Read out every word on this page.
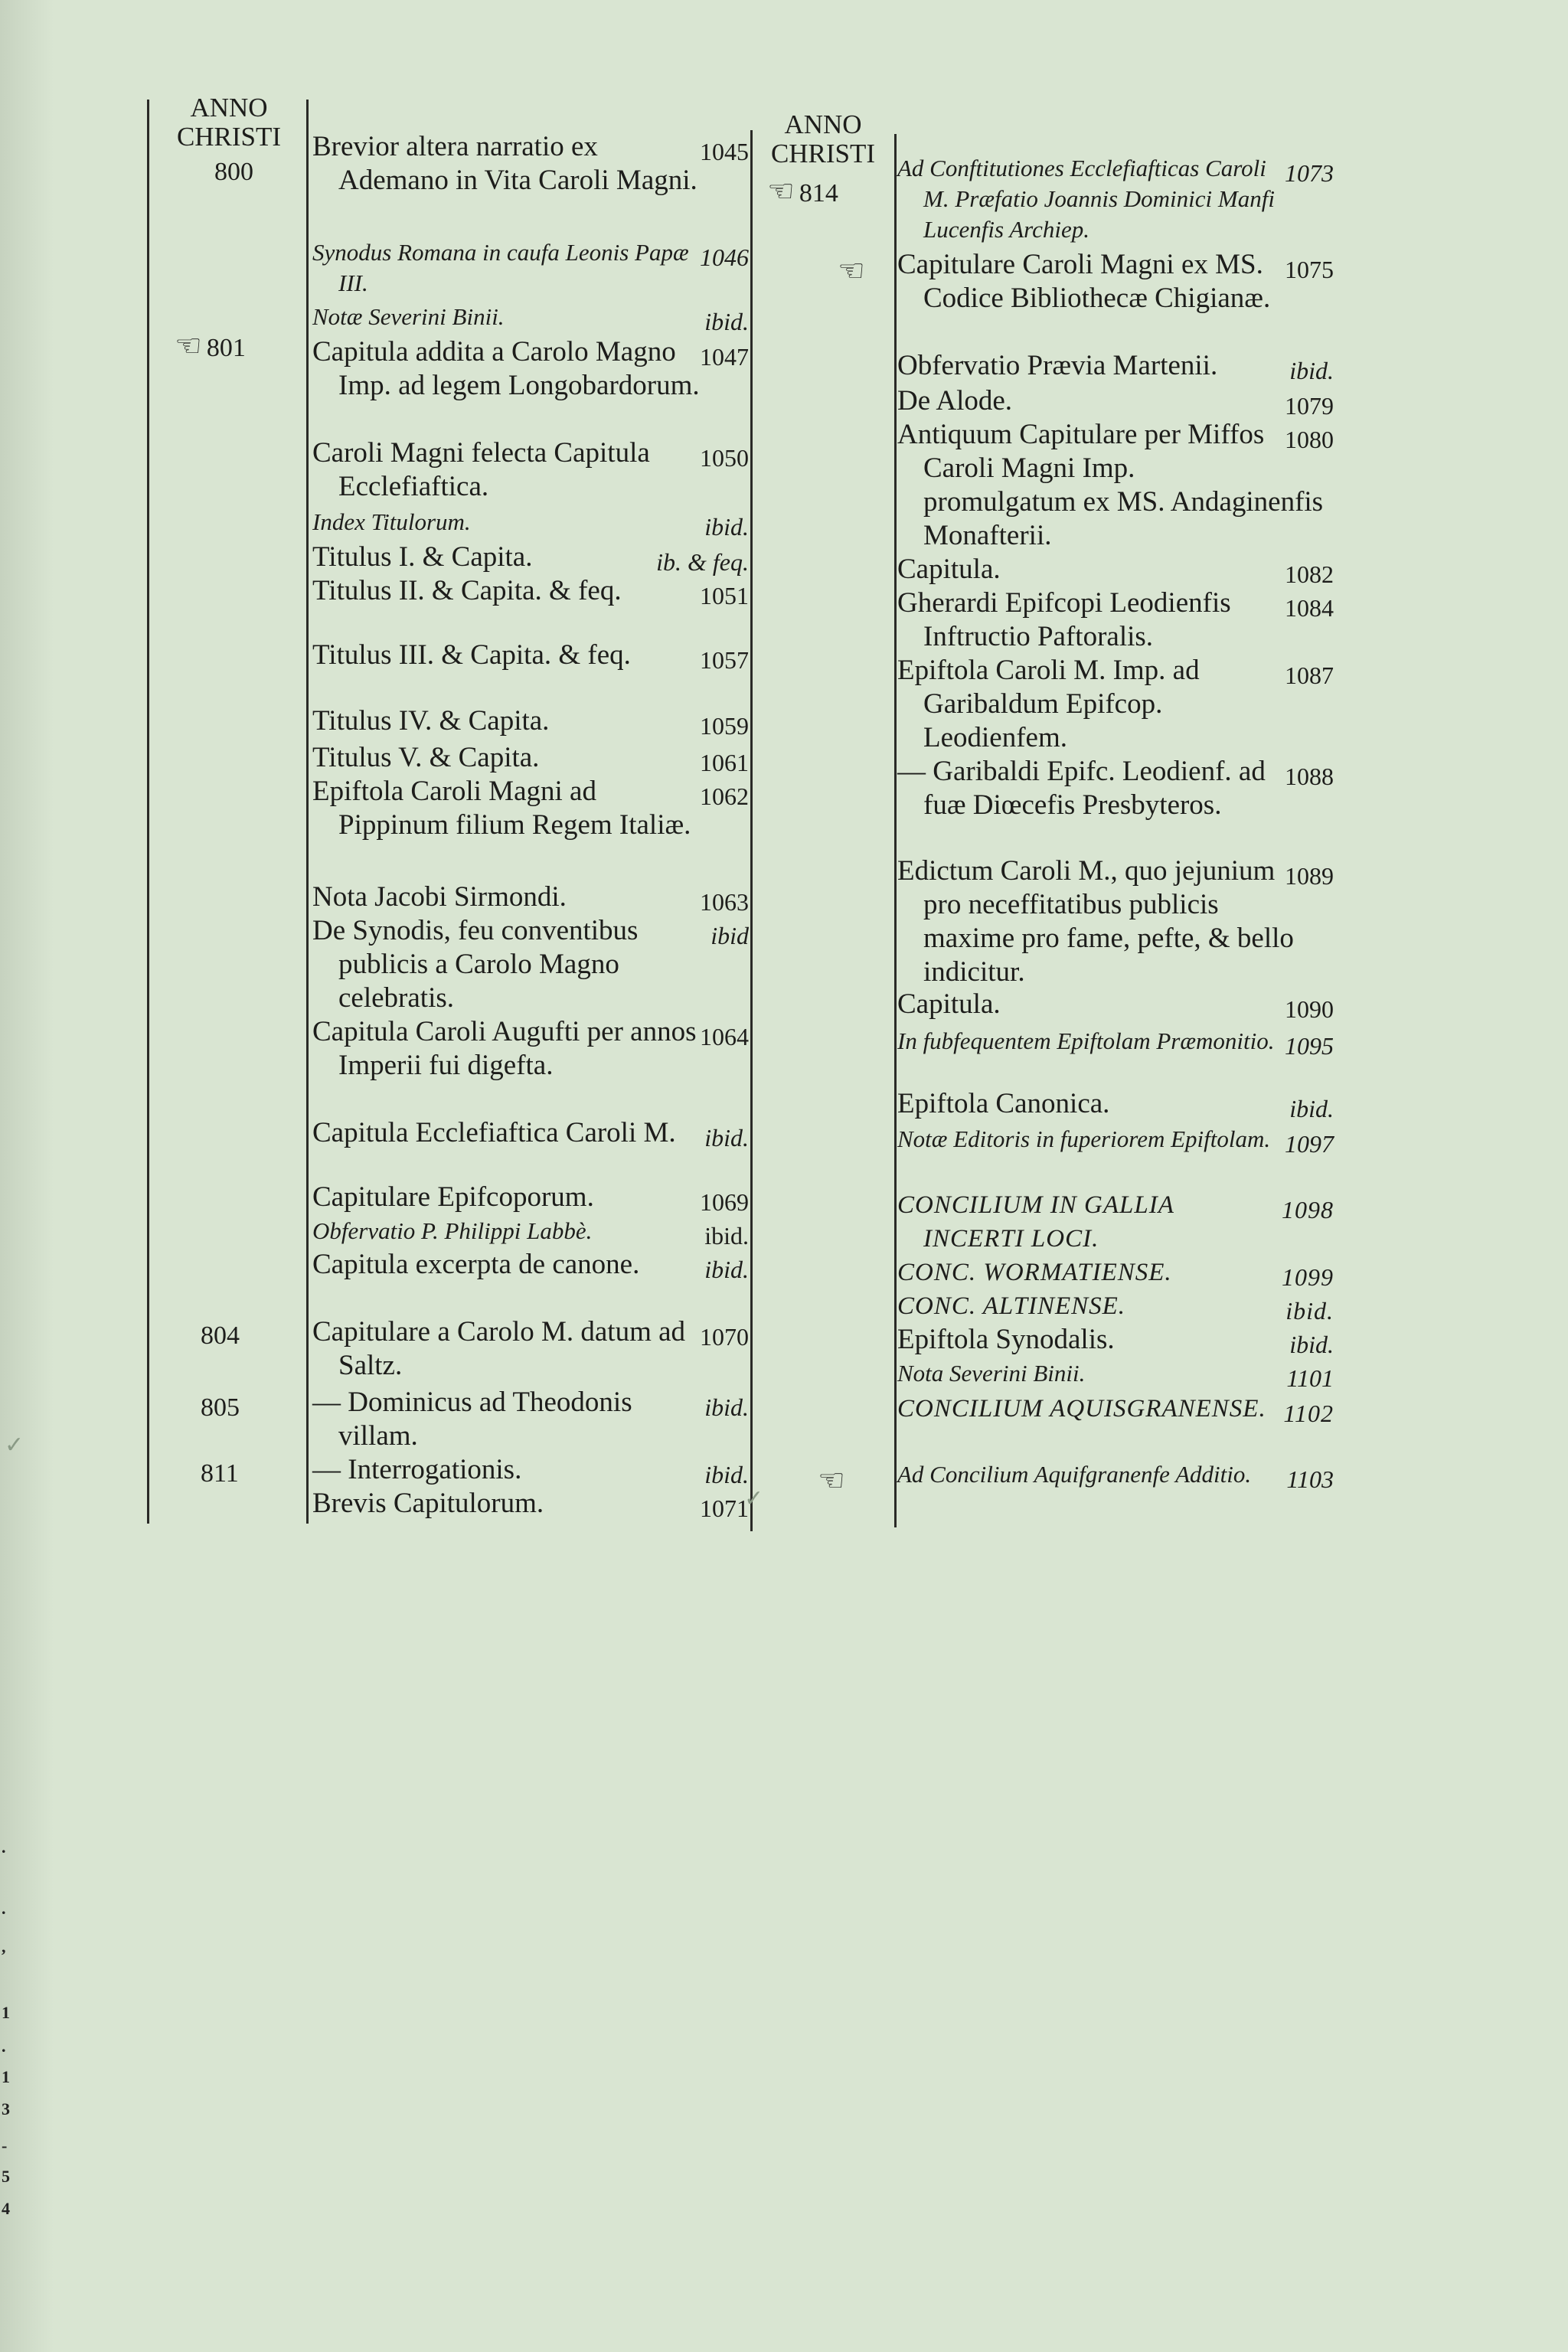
ANNO
CHRISTI
800
☞ 801
804
805
811
1045
Brevior altera narratio ex Ademano in Vita Caroli Magni.
1046
Synodus Romana in caufa Leonis Papæ III.
ibid.
Notæ Severini Binii.
1047
Capitula addita a Carolo Magno Imp. ad legem Longobardorum.
1050
Caroli Magni felecta Capitula Ecclefiaftica.
ibid.
Index Titulorum.
ib. & feq.
Titulus I. & Capita.
1051
Titulus II. & Capita. & feq.
1057
Titulus III. & Capita. & feq.
1059
Titulus IV. & Capita.
1061
Titulus V. & Capita.
1062
Epiftola Caroli Magni ad Pippinum filium Regem Italiæ.
1063
Nota Jacobi Sirmondi.
ibid
De Synodis, feu conventibus publicis a Carolo Magno celebratis.
1064
Capitula Caroli Augufti per annos Imperii fui digefta.
ibid.
Capitula Ecclefiaftica Caroli M.
1069
Capitulare Epifcoporum.
ibid.
Obfervatio P. Philippi Labbè.
ibid.
Capitula excerpta de canone.
1070
Capitulare a Carolo M. datum ad Saltz.
ibid.
— Dominicus ad Theodonis villam.
ibid.
— Interrogationis.
1071
Brevis Capitulorum.
ANNO
CHRISTI
☞ 814
☞
☞
1073
Ad Conftitutiones Ecclefiafticas Caroli M. Præfatio Joannis Dominici Manfi Lucenfis Archiep.
1075
Capitulare Caroli Magni ex MS. Codice Bibliothecæ Chigianæ.
ibid.
Obfervatio Prævia Martenii.
1079
De Alode.
1080
Antiquum Capitulare per Miffos Caroli Magni Imp. promulgatum ex MS. Andaginenfis Monafterii.
1082
Capitula.
1084
Gherardi Epifcopi Leodienfis Inftructio Paftoralis.
1087
Epiftola Caroli M. Imp. ad Garibaldum Epifcop. Leodienfem.
1088
— Garibaldi Epifc. Leodienf. ad fuæ Diœcefis Presbyteros.
1089
Edictum Caroli M., quo jejunium pro neceffitatibus publicis maxime pro fame, pefte, & bello indicitur.
1090
Capitula.
1095
In fubfequentem Epiftolam Præmonitio.
ibid.
Epiftola Canonica.
1097
Notæ Editoris in fuperiorem Epiftolam.
1098
CONCILIUM IN GALLIA INCERTI LOCI.
1099
CONC. WORMATIENSE.
ibid.
CONC. ALTINENSE.
ibid.
Epiftola Synodalis.
1101
Nota Severini Binii.
1102
CONCILIUM AQUISGRANENSE.
1103
Ad Concilium Aquifgranenfe Additio.
✓
✓
.
.
,
1
.
1
3
-
5
4
